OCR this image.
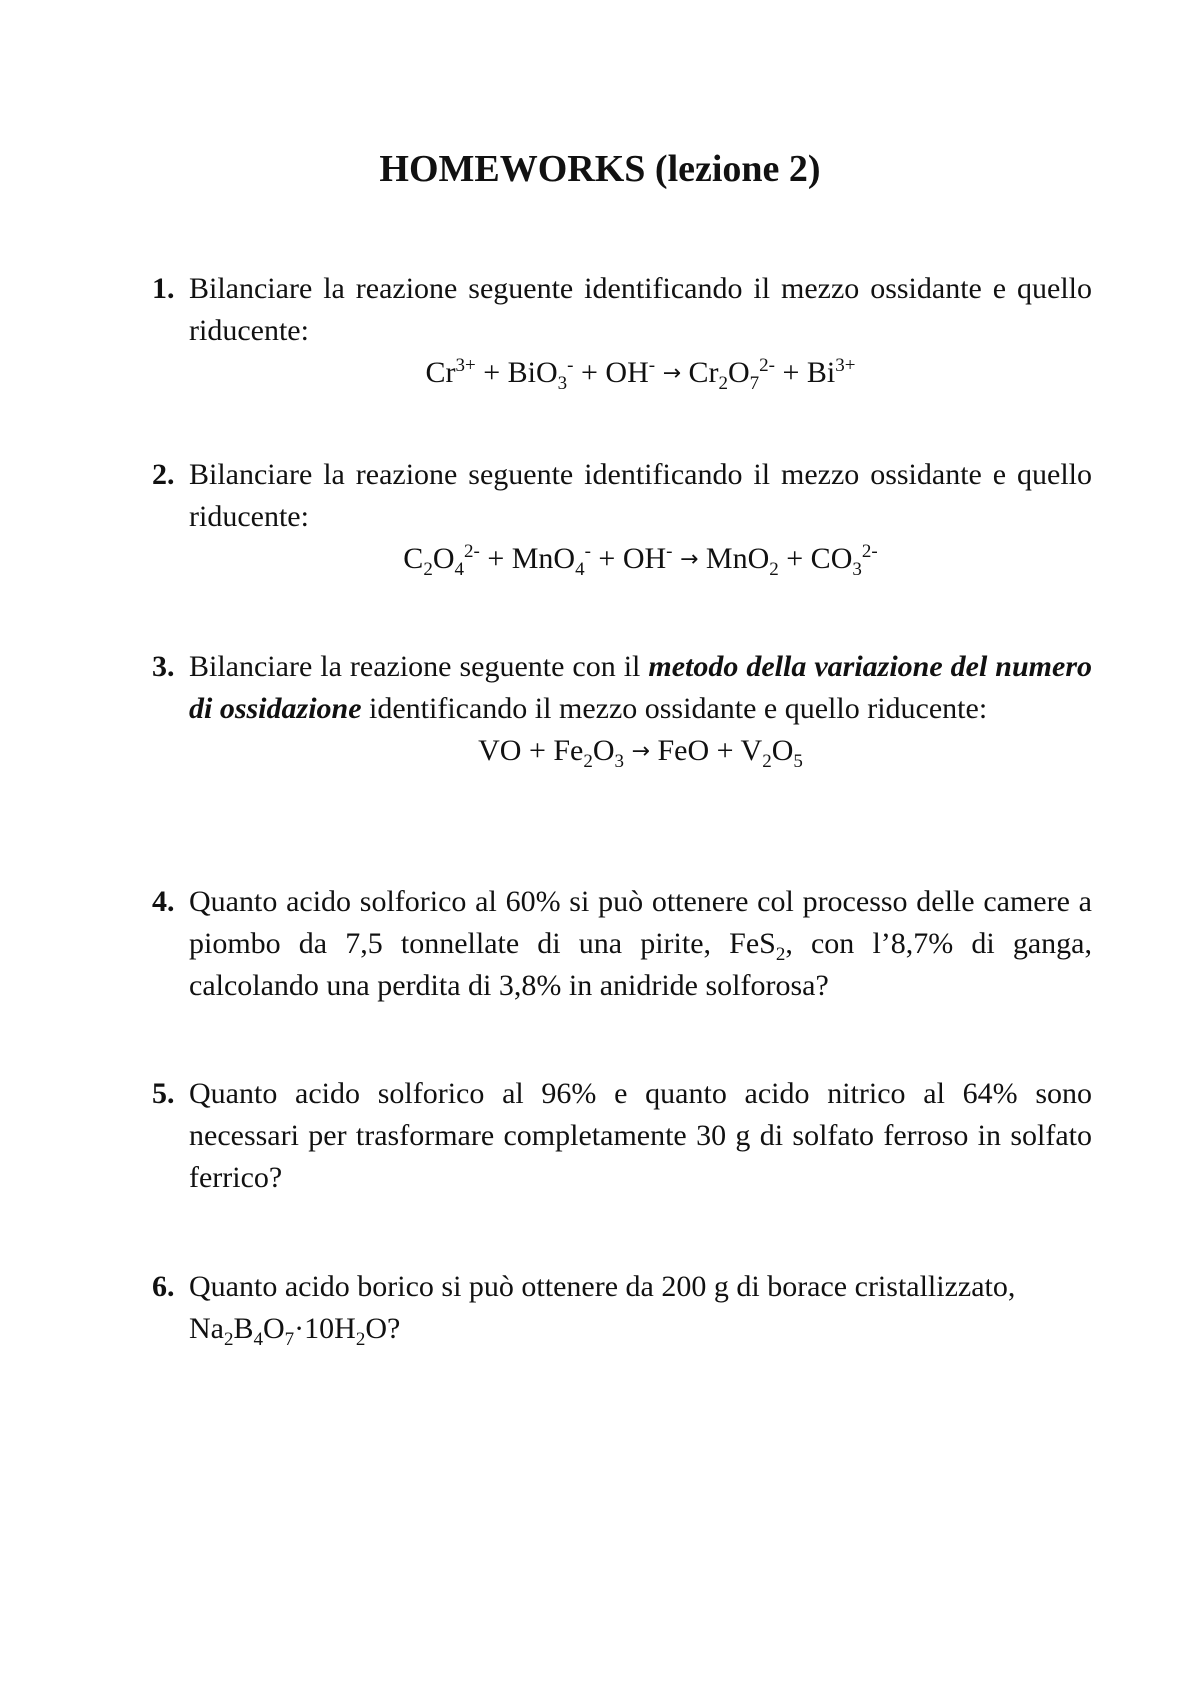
HOMEWORKS (lezione 2)
1. Bilanciare la reazione seguente identificando il mezzo ossidante e quello riducente:
$Cr^{3+} + BiO_3^- + OH^- \to Cr_2O_7^{2-} + Bi^{3+}$
2. Bilanciare la reazione seguente identificando il mezzo ossidante e quello riducente:
$C_2O_4^{2-} + MnO_4^- + OH^- \to MnO_2 + CO_3^{2-}$
3. Bilanciare la reazione seguente con il metodo della variazione del numero di ossidazione identificando il mezzo ossidante e quello riducente:
VO + $Fe_2O_3$ → FeO + $V_2O_5$
4. Quanto acido solforico al 60% si può ottenere col processo delle camere a piombo da 7,5 tonnellate di una pirite, FeS$_2$, con l’8,7% di ganga, calcolando una perdita di 3,8% in anidride solforosa?
5. Quanto acido solforico al 96% e quanto acido nitrico al 64% sono necessari per trasformare completamente 30 g di solfato ferroso in solfato ferrico?
6. Quanto acido borico si può ottenere da 200 g di borace cristallizzato,
$Na_2B_4O_7\cdot 10H_2O$?
